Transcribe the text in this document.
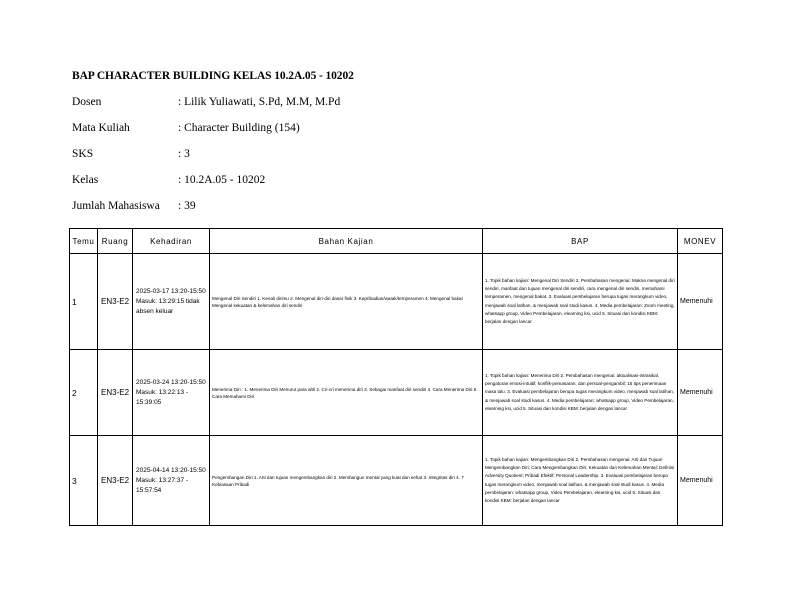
BAP CHARACTER BUILDING KELAS 10.2A.05 - 10202
Dosen	: Lilik Yuliawati, S.Pd, M.M, M.Pd
Mata Kuliah	: Character Building (154)
SKS	: 3
Kelas	: 10.2A.05 - 10202
Jumlah Mahasiswa	: 39
Temu	Ruang	Kehadiran	Bahan Kajian	BAP	MONEV
1	EN3-E2	2025-03-17 13:20-15:50 Masuk: 13:29:15 tidak absen keluar	Mengenal Diri Sendiri 1. Kenali dirimu 2. Mengenal diri-diri dasar fisik 3. Kepribadian/watak/temperamen 4. Mengenal bakat Mengenal kekuatan & kelemahan diri sendiri	1. Topik bahan kajian: Mengenal Diri Sendiri 2. Pembahasan mengenai: Makna mengenal diri sendiri, manfaat dan tujuan mengenal diri sendiri, cara mengenal diri sendiri, memahami temperamen, mengenal bakat. 3. Evaluasi pembelajaran berupa tugas merangkum video, menjawab soal latihan, & menjawab soal studi kasus. 4. Media pembelajaran: Zoom meeting, whatsapp group, Video Pembelajaran, elearning ksi, ucid 5. Situasi dan kondisi KBM: berjalan dengan lancar	Memenuhi
2	EN3-E2	2025-03-24 13:20-15:50 Masuk: 13:22:13 - 15:39:05	Menerima Diri : 1. Menerima Diri Menurut para ahli 2. Cri-cri menerima diri 3. Sebagai manfaat diri sendiri 4. Cara Menerima Diri 5. Cara Memahami Diri	1. Topik bahan kajian: Menerima Diri 2. Pembahasan mengenai: aktualisasi-intrasikal, pengaturan emosi-intuitif, konflik-pemasaran, dan persoal-pengambil; 15 tips penerimaan masa lalu. 3. Evaluasi pembelajaran berupa tugas merangkum video, menjawab soal latihan, & menjawab soal studi kasus. 4. Media pembelajaran: whatsapp group, Video Pembelajaran, elearning ksi, ucid 5. Situasi dan kondisi KBM: berjalan dengan lancar	Memenuhi
3	EN3-E2	2025-04-14 13:20-15:50 Masuk: 13:27:37 - 15:57:54	Pengembangan Diri 1. Arti dan tujuan mengembangkan diri 2. Membangun mental yang kuat dan sehat 3. Integritas diri 4. 7 Kebiasaan Pribadi	1. Topik bahan kajian: Mengembangkan Diri 2. Pembahasan mengenai: Arti dan Tujuan Mengembangkan Diri; Cara Mengembangkan Diri; Kekuatan dan Kelemahan Mental; Definisi Adversity Quotient; Pribadi Efektif; Personal Leadership. 3. Evaluasi pembelajaran berupa tugas merangkum video, menjawab soal latihan, & menjawab soal studi kasus. 4. Media pembelajaran: whatsapp group, Video Pembelajaran, elearning ksi, ucid 5. Situasi dan kondisi KBM: berjalan dengan lancar	Memenuhi
